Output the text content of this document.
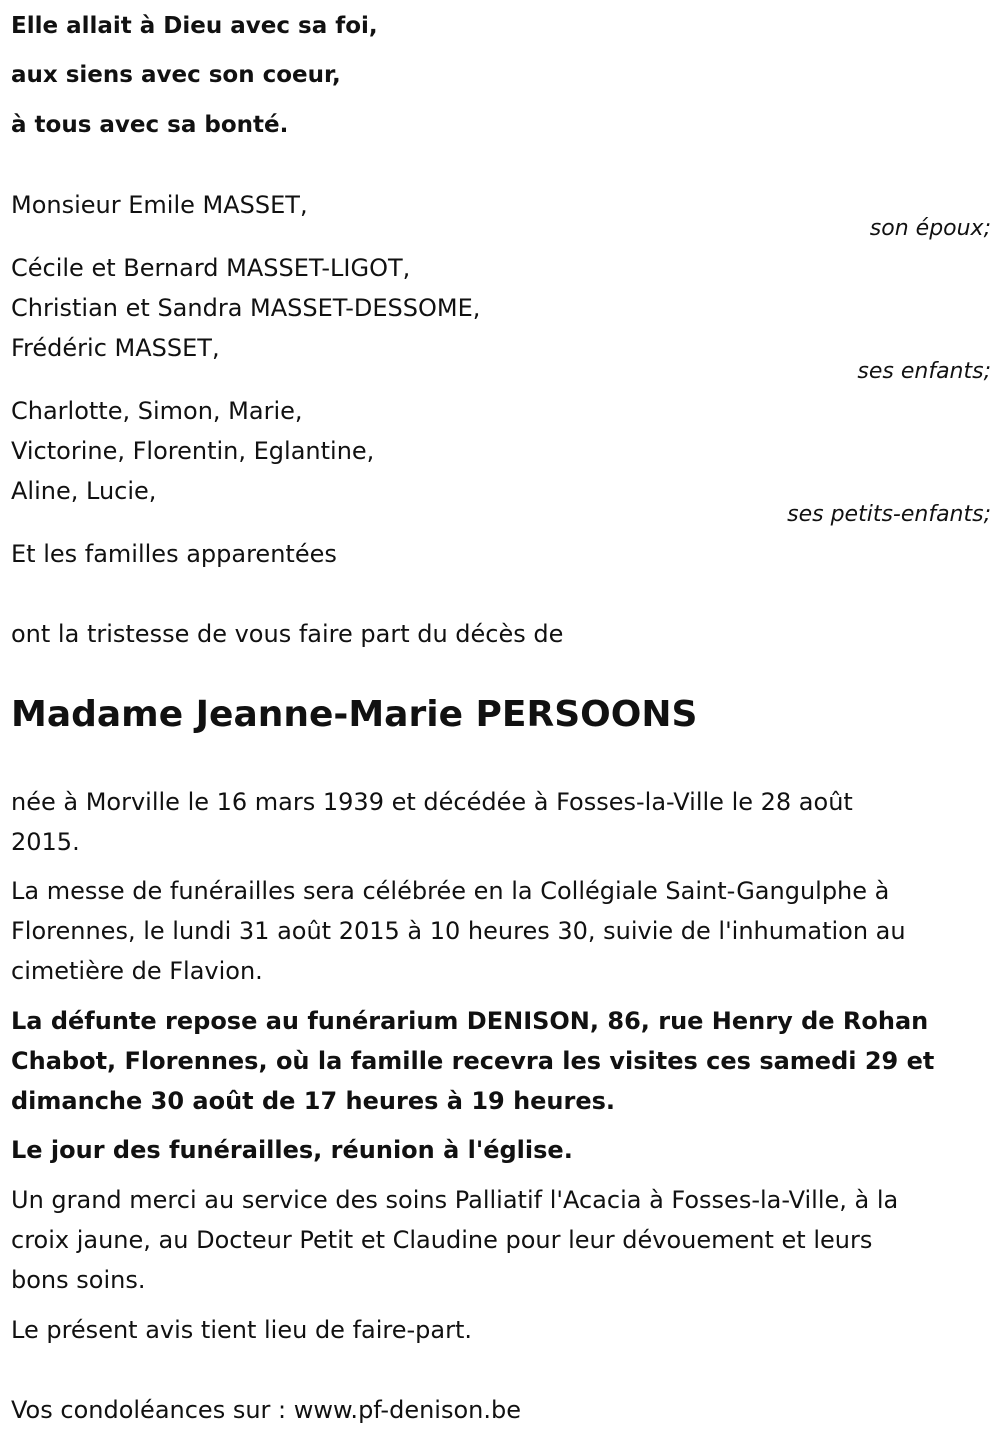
Elle allait à Dieu avec sa foi,
aux siens avec son coeur,
à tous avec sa bonté.
Monsieur Emile MASSET,
son époux;
Cécile et Bernard MASSET-LIGOT,
Christian et Sandra MASSET-DESSOME,
Frédéric MASSET,
ses enfants;
Charlotte, Simon, Marie,
Victorine, Florentin, Eglantine,
Aline, Lucie,
ses petits-enfants;
Et les familles apparentées
ont la tristesse de vous faire part du décès de
Madame Jeanne-Marie PERSOONS
née à Morville le 16 mars 1939 et décédée à Fosses-la-Ville le 28 août
2015.
La messe de funérailles sera célébrée en la Collégiale Saint-Gangulphe à
Florennes, le lundi 31 août 2015 à 10 heures 30, suivie de l'inhumation au
cimetière de Flavion.
La défunte repose au funérarium DENISON, 86, rue Henry de Rohan
Chabot, Florennes, où la famille recevra les visites ces samedi 29 et
dimanche 30 août de 17 heures à 19 heures.
Le jour des funérailles, réunion à l'église.
Un grand merci au service des soins Palliatif l'Acacia à Fosses-la-Ville, à la
croix jaune, au Docteur Petit et Claudine pour leur dévouement et leurs
bons soins.
Le présent avis tient lieu de faire-part.
Vos condoléances sur : www.pf-denison.be
